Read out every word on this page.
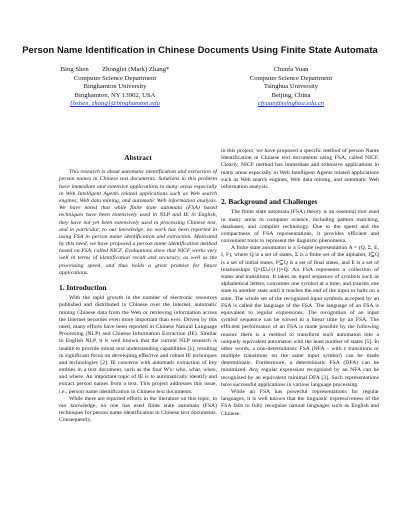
Person Name Identification in Chinese Documents Using Finite State Automata
Bing Shen        Zhongfei (Mark) Zhang*
Computer Science Department
Binghamton University
Binghamton, NY 13902, USA
{bshen, zhang}@binghamton.edu
Chunfa Yuan
Computer Science Department
Tsinghua University
Beijing, China
cfyuan@tsinghua.edu.cn
Abstract

This research is about automatic identification and extraction of person names in Chinese text documents. Solutions to this problem have immediate and extensive applications in many areas especially in Web Intelligent Agents related applications such as Web search engines, Web data mining, and automatic Web information analysis. We have noted that while finite state automata (FSA) based techniques have been extensively used in NLP and IE in English, they have not yet been extensively used in processing Chinese text, and in particular, to our knowledge, no work has been reported in using FSA in person name identification and extraction. Motivated by this need, we have proposed a person name identification method based on FSA, called NICF. Evaluations show that NICF works very well in terms of identification recall and accuracy, as well as the processing speed, and thus holds a great promise for future applications.

1. Introduction

With the rapid growth in the number of electronic resources published and distributed in Chinese over the Internet, automatic mining Chinese data from the Web or retrieving information across the Internet becomes even more important than ever. Driven by this need, many efforts have been reported in Chinese Natural Language Processing (NLP) and Chinese Information Extraction (IE). Similar to English NLP, it is well known that the current NLP research is unable to provide robust text understanding capabilities [1], resulting in significant focus on developing effective and robust IE techniques and technologies [2]. IE concerns with automatic extraction of key entities in a text document, such as the four W's: who, what, when, and where. An important topic of IE is to automatically identify and extract person names from a text. This project addresses this issue, i.e., person name identification in Chinese text documents.

While there are reported efforts in the literature on this topic, to our knowledge, no one has used finite state automata (FSA) techniques for person name identification in Chinese text documents. Consequently,

in this project, we have proposed a specific method of person Name Identification in Chinese text documents using FSA, called NICF. Clearly, NICF method has immediate and extensive applications in many areas especially in Web Intelligent Agents related applications such as Web search engines, Web data mining, and automatic Web information analysis.

2. Background and Challenges

The finite state automata (FSA) theory is an essential tool used in many areas in computer science, including pattern matching, databases, and compiler technology. Due to the speed and the compactness of FSA representations, it provides efficient and convenient tools to represent the linguistic phenomena.

A finite state automaton is a 5-tuple representation A = (Q, Σ, E, I, F), where Q is a set of states, Σ is a finite set of the alphabet, I⊆Q is a set of initial states, F⊆Q is a set of final states, and E is a set of relationships Q×(Σ∪{ε})×Q. An FSA represents a collection of states and transitions. It takes an input sequence of symbols such as alphabetical letters, consumes one symbol at a time, and transits one state to another state until it reaches the end of the input or halts on a state. The whole set of the recognized input symbols accepted by an FSA is called the language of the FSA. The language of an FSA is equivalent to regular expressions. The recognition of an input symbol sequence can be solved in a linear time by an FSA. The efficient performance of an FSA is made possible by the following reason: there is a method to transform such automaton into a uniquely equivalent automaton with the least number of states [5]. In other words, a non-deterministic FSA (NFA – with ε transitions or multiple transitions on the same input symbol) can be made deterministic. Furthermore, a deterministic FSA (DFA) can be minimized. Any regular expression recognized by an NFA can be recognized by an equivalent minimal DFA [3]. Such representations have successful applications in various language processing.

While an FSA has powerful representations for regular languages, it is well known that the linguistic expressiveness of the FSA fails to fully recognize natural languages such as English and Chinese.
